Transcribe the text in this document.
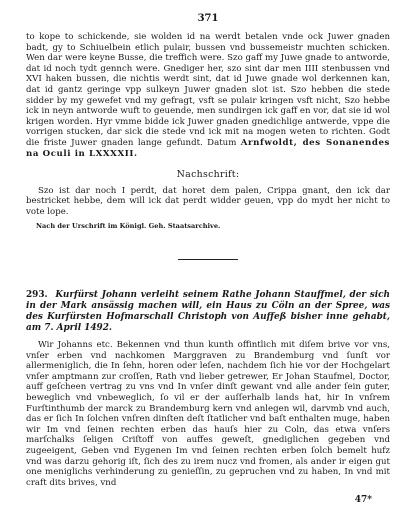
371

to kope to schickende, sie wolden id na werdt betalen vnde ock Juwer gnaden badt, gy to Schiuelbein etlich pulair, bussen vnd bussemeistr muchten schicken. Wen dar were keyne Busse, die treffich were. Szo gaff my Juwe gnade to antworde, dat id noch tydt gennch were. Gnediger her, szo sint dar men IIII stenbussen vnd XVI haken bussen, die nichtis werdt sint, dat id Juwe gnade wol derkennen kan, dat id gantz geringe vpp sulkeyn Juwer gnaden slot ist. Szo hebben die stede sidder by my gewefet vnd my gefragt, vsft se pulair kringen vsft nicht, Szo hebbe ick in neyn antworde wuft to geuende, men sundirgen ick gaff en vor, dat sie id wol krigen worden. Hyr vmme bidde ick Juwer gnaden gnedichlige antwerde, vppe die vorrigen stucken, dar sick die stede vnd ick mit na mogen weten to richten. Godt die friste Juwer gnaden lange gefundt. Datum Arnfwoldt, des Sonanendes na Oculi in LXXXXII.

Nachschrift:

Szo ist dar noch I perdt, dat horet dem palen, Crippa gnant, den ick dar bestricket hebbe, dem will ick dat perdt widder geuen, vpp do mydt her nicht to vote lope.

Nach der Urschrift im Königl. Geh. Staatsarchive.
293. Kurfürst Johann verleiht seinem Rathe Johann Stauffmel, der sich in der Mark ansässig machen will, ein Haus zu Cöln an der Spree, was des Kurfürsten Hofmarschall Christoph von Auffeß bisher inne gehabt, am 7. April 1492.

Wir Johanns etc. Bekennen vnd thun kunth offintlich mit diſem brive vor vns, vnſer erben vnd nachkomen Marggraven zu Brandemburg vnd ſunſt vor allermeniglich, die In ſehn, horen oder leſen, nachdem ſich hie vor der Hochgelart vnſer amptmann zur croſſen, Rath vnd lieber getrewer, Er Johan Staufmel, Doctor, auff geſcheen vertrag zu vns vnd In vnſer dinſt gewant vnd alle ander ſein guter, beweglich vnd vnbeweglich, ſo vil er der auſſerhalb lands hat, hir In vnſrem Furſtinthumb der marck zu Brandemburg kern vnd anlegen wil, darvmb vnd auch, das er ſich In ſolchen vnſren dinſten deſt ſtatlicher vnd baſt enthalten muge, haben wir Im vnd ſeinen rechten erben das hauſs hier zu Coln, das etwa vnſers marſchalks ſeligen Criſtoff von auffes geweſt, gnediglichen gegeben vnd zugeeigent, Geben vnd Eygenen Im vnd ſeinen rechten erben ſolch bemelt hufz vnd was darzu gehorig iſt, ſich des zu irem nucz vnd fromen, als ander ir eigen gut one meniglichs verhinderung zu genieſſin, zu gepruchen vnd zu haben, In vnd mit craft dits brives, vnd

47*
